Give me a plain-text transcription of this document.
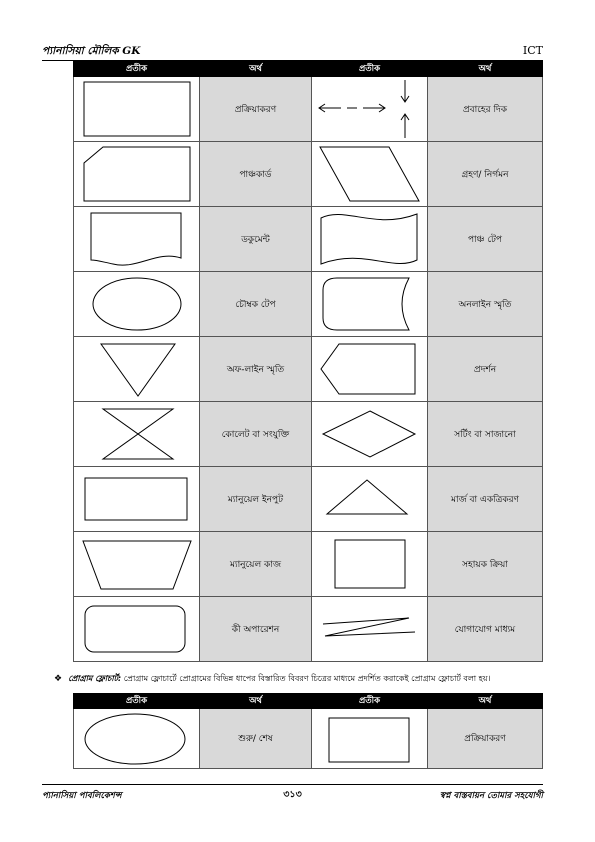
প্যানাসিয়া মৌলিক GK	ICT
প্রতীক	অর্থ	প্রতীক	অর্থ

	প্রক্রিয়াকরণ		প্রবাহের দিক

	পাঞ্চকার্ড		গ্রহণ/ নির্গমন

	ডকুমেন্ট		পাঞ্চ টেপ

	চৌম্বক টেপ		অনলাইন স্মৃতি

	অফ-লাইন স্মৃতি		প্রদর্শন

	কোলেট বা সংযুক্তি		সর্টিং বা সাজানো

	ম্যানুয়েল ইনপুট		মার্জ বা একত্রিকরণ

	ম্যানুয়েল কাজ		সহায়ক ক্রিয়া

	কী অপারেশন		যোগাযোগ মাধ্যম
❖ প্রোগ্রাম ফ্লোচার্ট: প্রোগ্রাম ফ্লোচার্টে প্রোগ্রামের বিভিন্ন ধাপের বিস্তারিত বিবরণ চিত্রের মাধ্যমে প্রদর্শিত করাকেই প্রোগ্রাম ফ্লোচার্ট বলা হয়।
প্রতীক	অর্থ	প্রতীক	অর্থ

	শুরু/ শেষ		প্রক্রিয়াকরণ
প্যানাসিয়া পাবলিকেশন্স	৩১৩	স্বপ্ন বাস্তবায়ন তোমার সহযোগী
